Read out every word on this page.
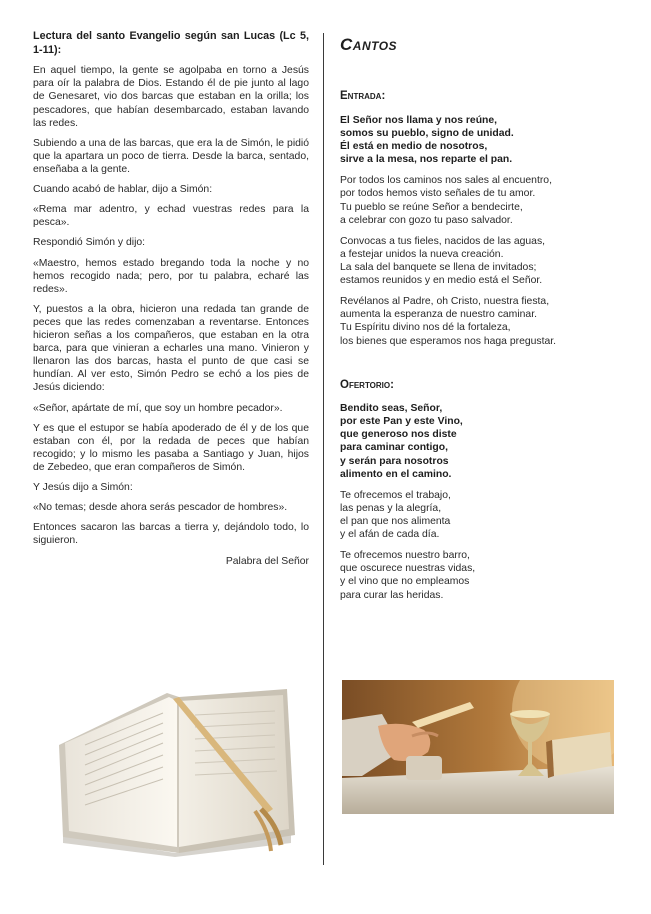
Lectura del santo Evangelio según san Lucas (Lc 5, 1-11):

En aquel tiempo, la gente se agolpaba en torno a Jesús para oír la palabra de Dios. Estando él de pie junto al lago de Genesaret, vio dos barcas que estaban en la orilla; los pescadores, que habían desembarcado, estaban lavando las redes.

Subiendo a una de las barcas, que era la de Simón, le pidió que la apartara un poco de tierra. Desde la barca, sentado, enseñaba a la gente.

Cuando acabó de hablar, dijo a Simón:

«Rema mar adentro, y echad vuestras redes para la pesca».

Respondió Simón y dijo:

«Maestro, hemos estado bregando toda la noche y no hemos recogido nada; pero, por tu palabra, echaré las redes».

Y, puestos a la obra, hicieron una redada tan grande de peces que las redes comenzaban a reventarse. Entonces hicieron señas a los compañeros, que estaban en la otra barca, para que vinieran a echarles una mano. Vinieron y llenaron las dos barcas, hasta el punto de que casi se hundían. Al ver esto, Simón Pedro se echó a los pies de Jesús diciendo:

«Señor, apártate de mí, que soy un hombre pecador».

Y es que el estupor se había apoderado de él y de los que estaban con él, por la redada de peces que habían recogido; y lo mismo les pasaba a Santiago y Juan, hijos de Zebedeo, que eran compañeros de Simón.

Y Jesús dijo a Simón:

«No temas; desde ahora serás pescador de hombres».

Entonces sacaron las barcas a tierra y, dejándolo todo, lo siguieron.

Palabra del Señor

Cantos
Entrada:
El Señor nos llama y nos reúne,
somos su pueblo, signo de unidad.
Él está en medio de nosotros,
sirve a la mesa, nos reparte el pan.
Por todos los caminos nos sales al encuentro,
por todos hemos visto señales de tu amor.
Tu pueblo se reúne Señor a bendecirte,
a celebrar con gozo tu paso salvador.
Convocas a tus fieles, nacidos de las aguas,
a festejar unidos la nueva creación.
La sala del banquete se llena de invitados;
estamos reunidos y en medio está el Señor.
Revélanos al Padre, oh Cristo, nuestra fiesta,
aumenta la esperanza de nuestro caminar.
Tu Espíritu divino nos dé la fortaleza,
los bienes que esperamos nos haga pregustar.
Ofertorio:
Bendito seas, Señor,
por este Pan y este Vino,
que generoso nos diste
para caminar contigo,
y serán para nosotros
alimento en el camino.
Te ofrecemos el trabajo,
las penas y la alegría,
el pan que nos alimenta
y el afán de cada día.
Te ofrecemos nuestro barro,
que oscurece nuestras vidas,
y el vino que no empleamos
para curar las heridas.
